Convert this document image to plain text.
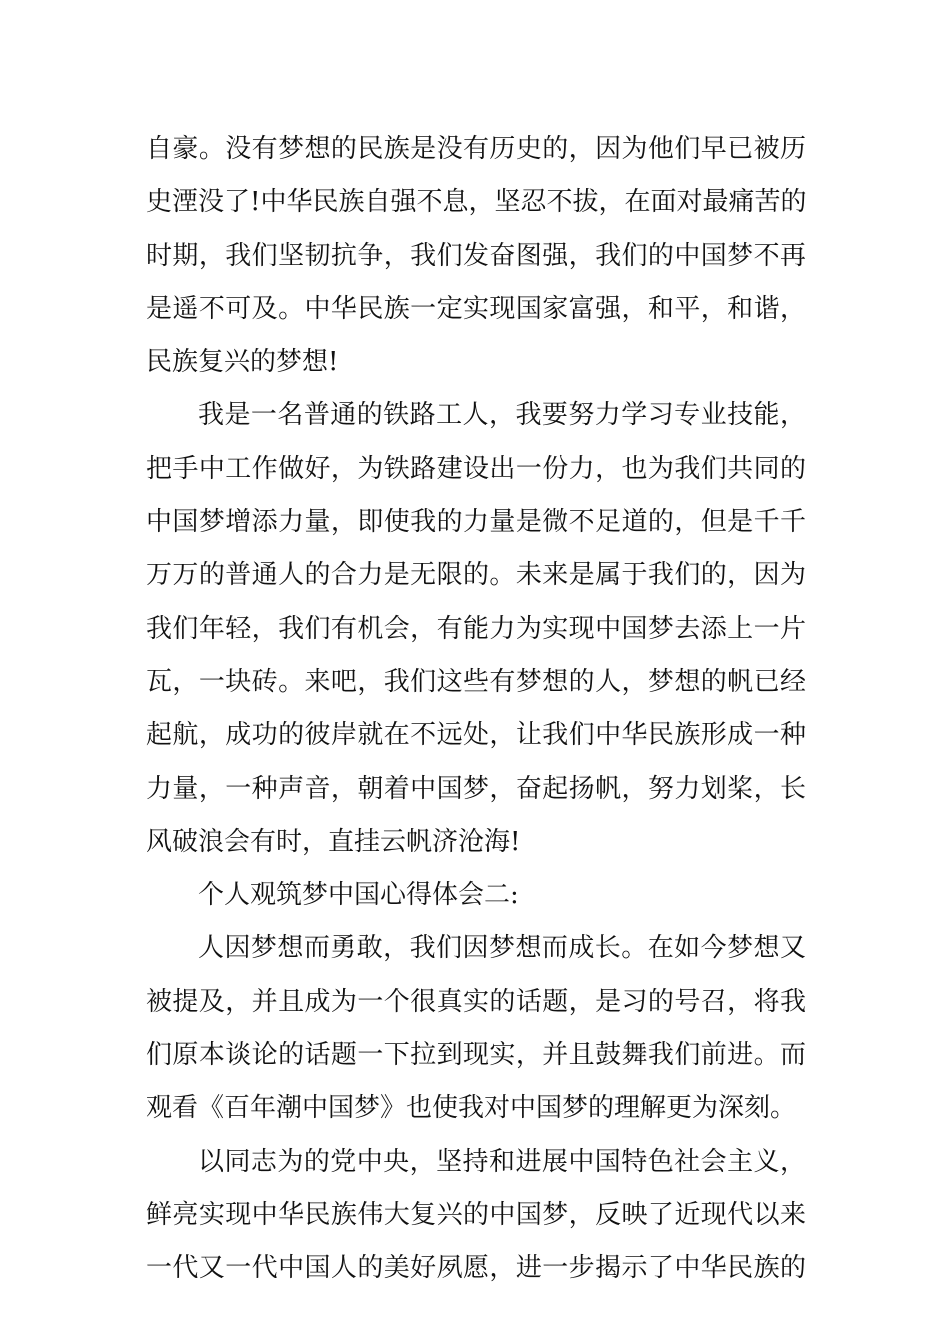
自豪。没有梦想的民族是没有历史的，因为他们早已被历
史湮没了!中华民族自强不息，坚忍不拔，在面对最痛苦的
时期，我们坚韧抗争，我们发奋图强，我们的中国梦不再
是遥不可及。中华民族一定实现国家富强，和平，和谐，
民族复兴的梦想!
我是一名普通的铁路工人，我要努力学习专业技能，
把手中工作做好，为铁路建设出一份力，也为我们共同的
中国梦增添力量，即使我的力量是微不足道的，但是千千
万万的普通人的合力是无限的。未来是属于我们的，因为
我们年轻，我们有机会，有能力为实现中国梦去添上一片
瓦，一块砖。来吧，我们这些有梦想的人，梦想的帆已经
起航，成功的彼岸就在不远处，让我们中华民族形成一种
力量，一种声音，朝着中国梦，奋起扬帆，努力划桨，长
风破浪会有时，直挂云帆济沧海!
个人观筑梦中国心得体会二:
人因梦想而勇敢，我们因梦想而成长。在如今梦想又
被提及，并且成为一个很真实的话题，是习的号召，将我
们原本谈论的话题一下拉到现实，并且鼓舞我们前进。而
观看《百年潮中国梦》也使我对中国梦的理解更为深刻。
以同志为的党中央，坚持和进展中国特色社会主义，
鲜亮实现中华民族伟大复兴的中国梦，反映了近现代以来
一代又一代中国人的美好夙愿，进一步揭示了中华民族的
